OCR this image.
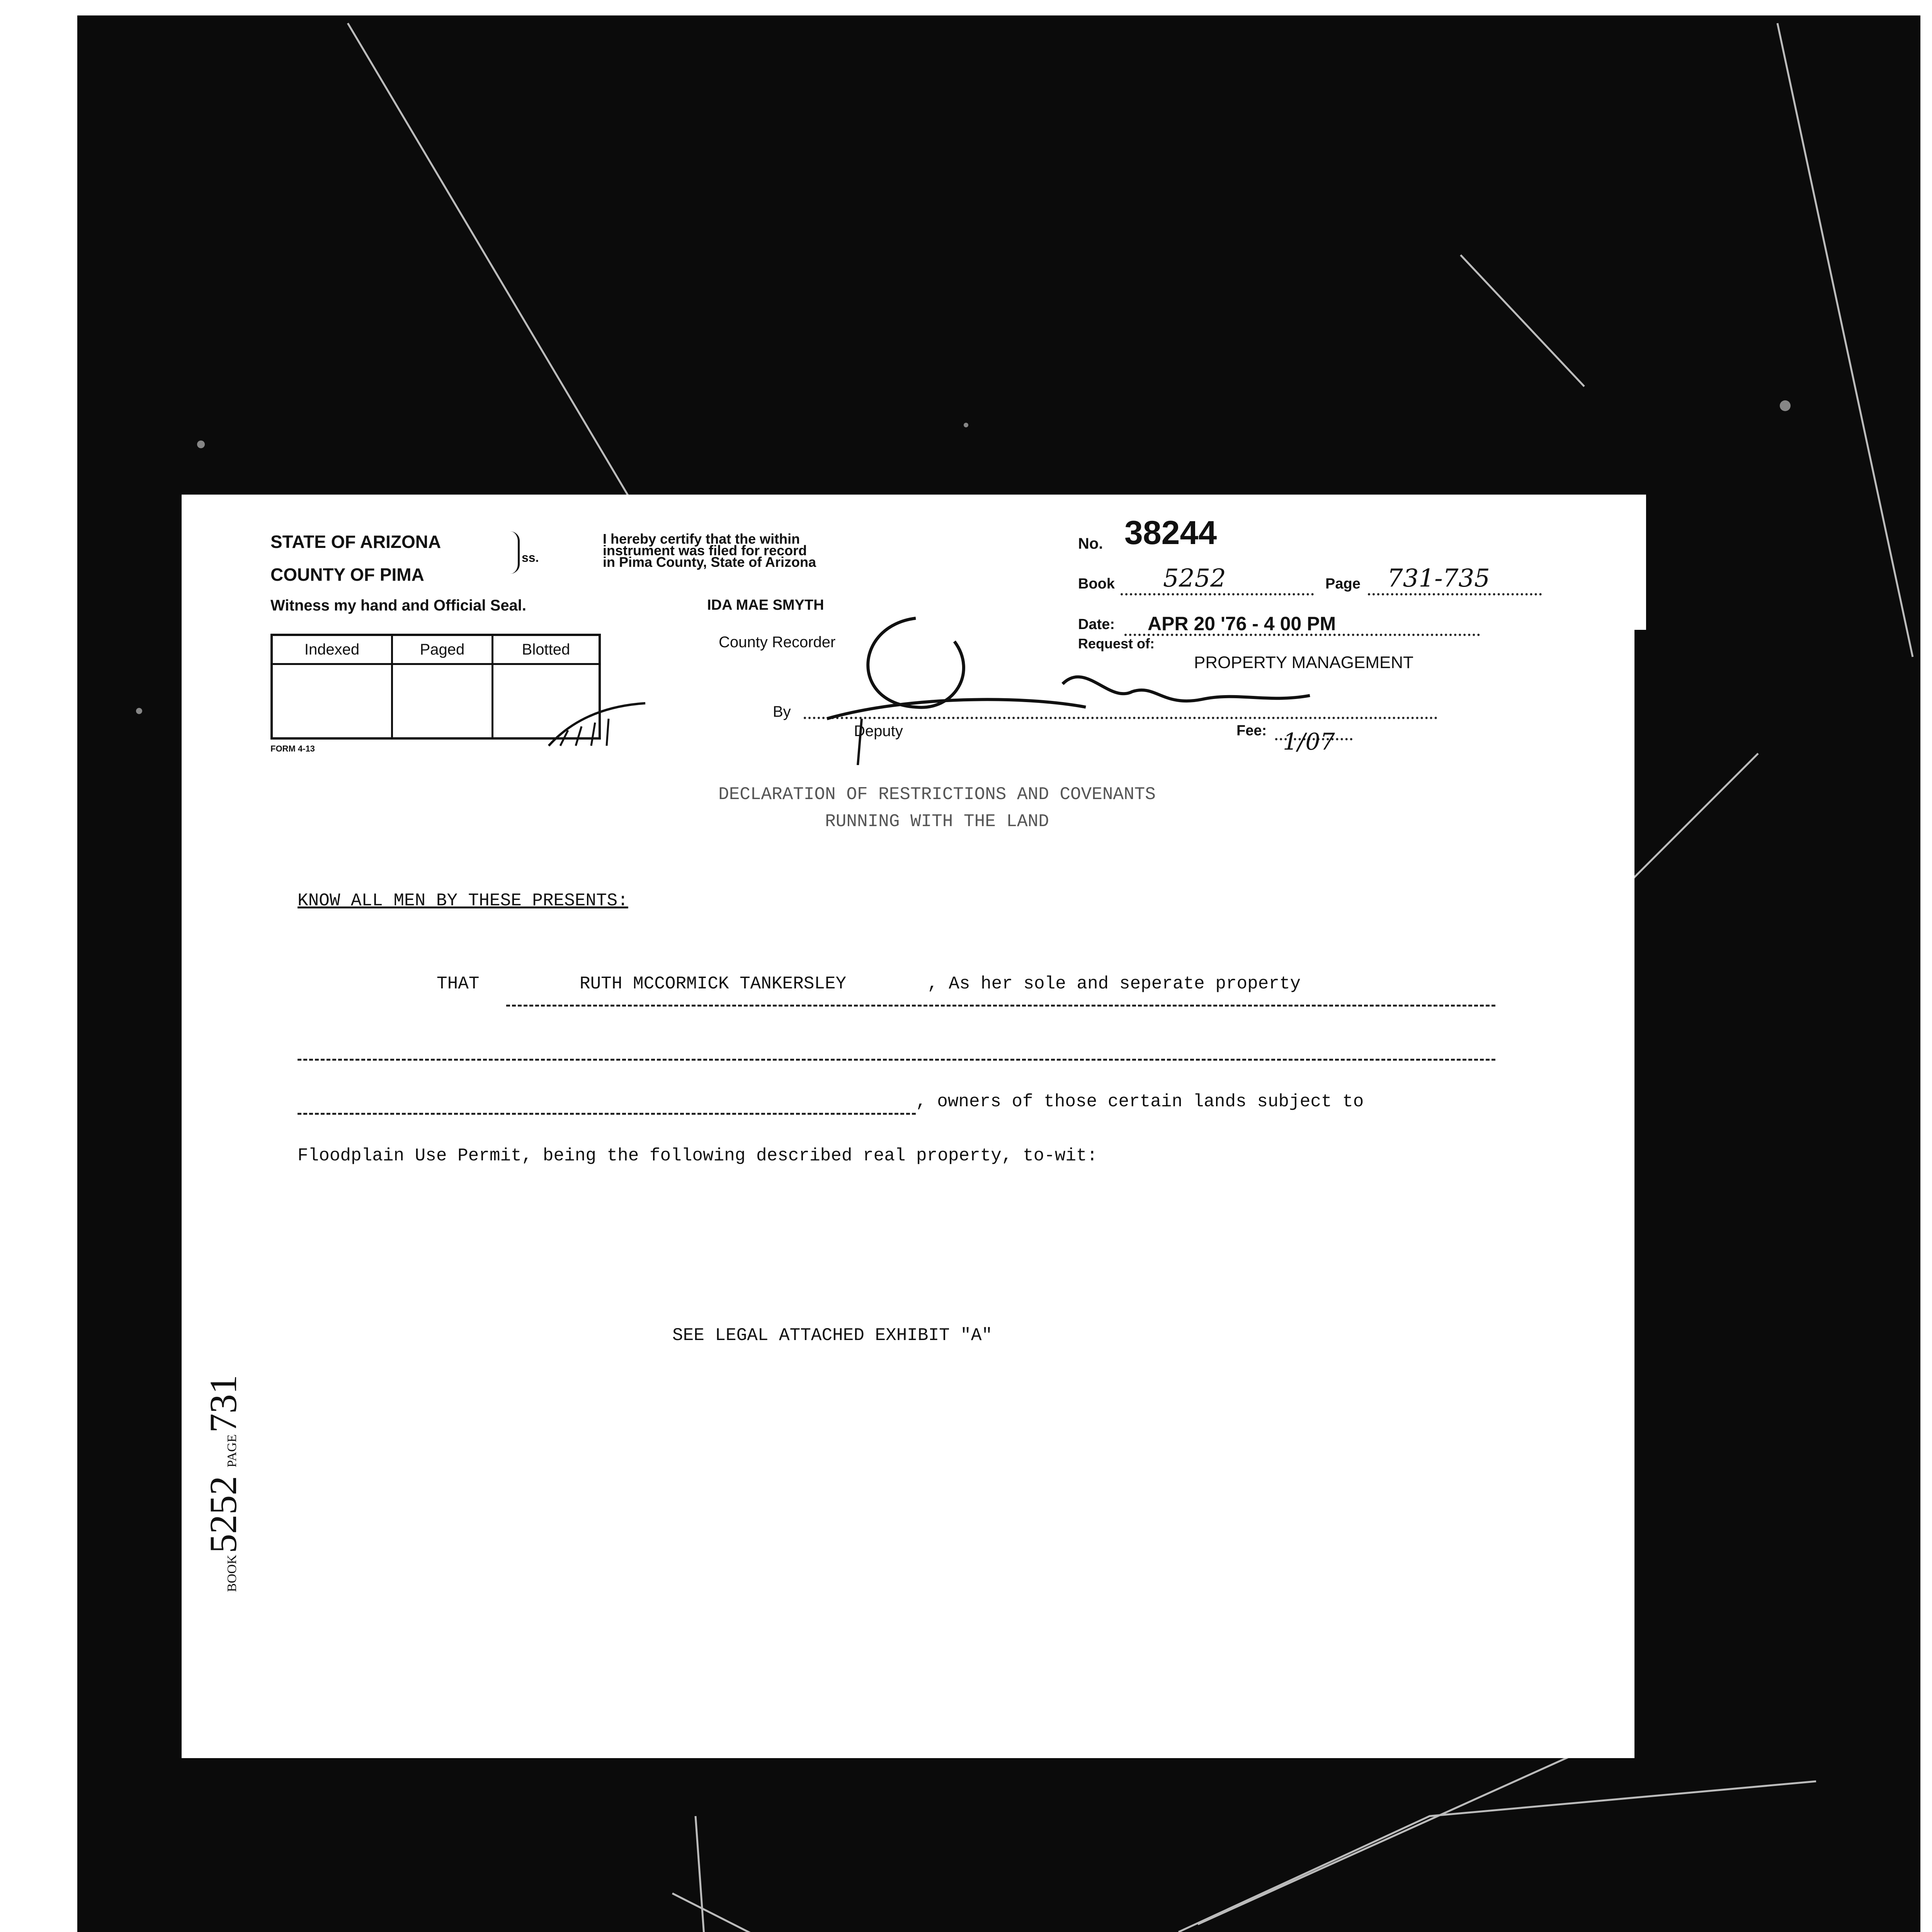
STATE OF ARIZONA
COUNTY OF PIMA
ss.
Witness my hand and Official Seal.
Indexed	Paged	Blotted

FORM 4-13
I hereby certify that the within
instrument was filed for record
in Pima County, State of Arizona
IDA MAE SMYTH
County Recorder
By
Deputy
No. 38244
Book 5252	Page 731-735
Date: APR 20 '76 - 4 00 PM
Request of:
PROPERTY MANAGEMENT
Fee: 1/07
DECLARATION OF RESTRICTIONS AND COVENANTS
RUNNING WITH THE LAND
KNOW ALL MEN BY THESE PRESENTS:
THAT	RUTH MCCORMICK TANKERSLEY	, As her sole and seperate property
, owners of those certain lands subject to
Floodplain Use Permit, being the following described real property, to-wit:
SEE LEGAL ATTACHED EXHIBIT "A"
BOOK 5252 PAGE 731
